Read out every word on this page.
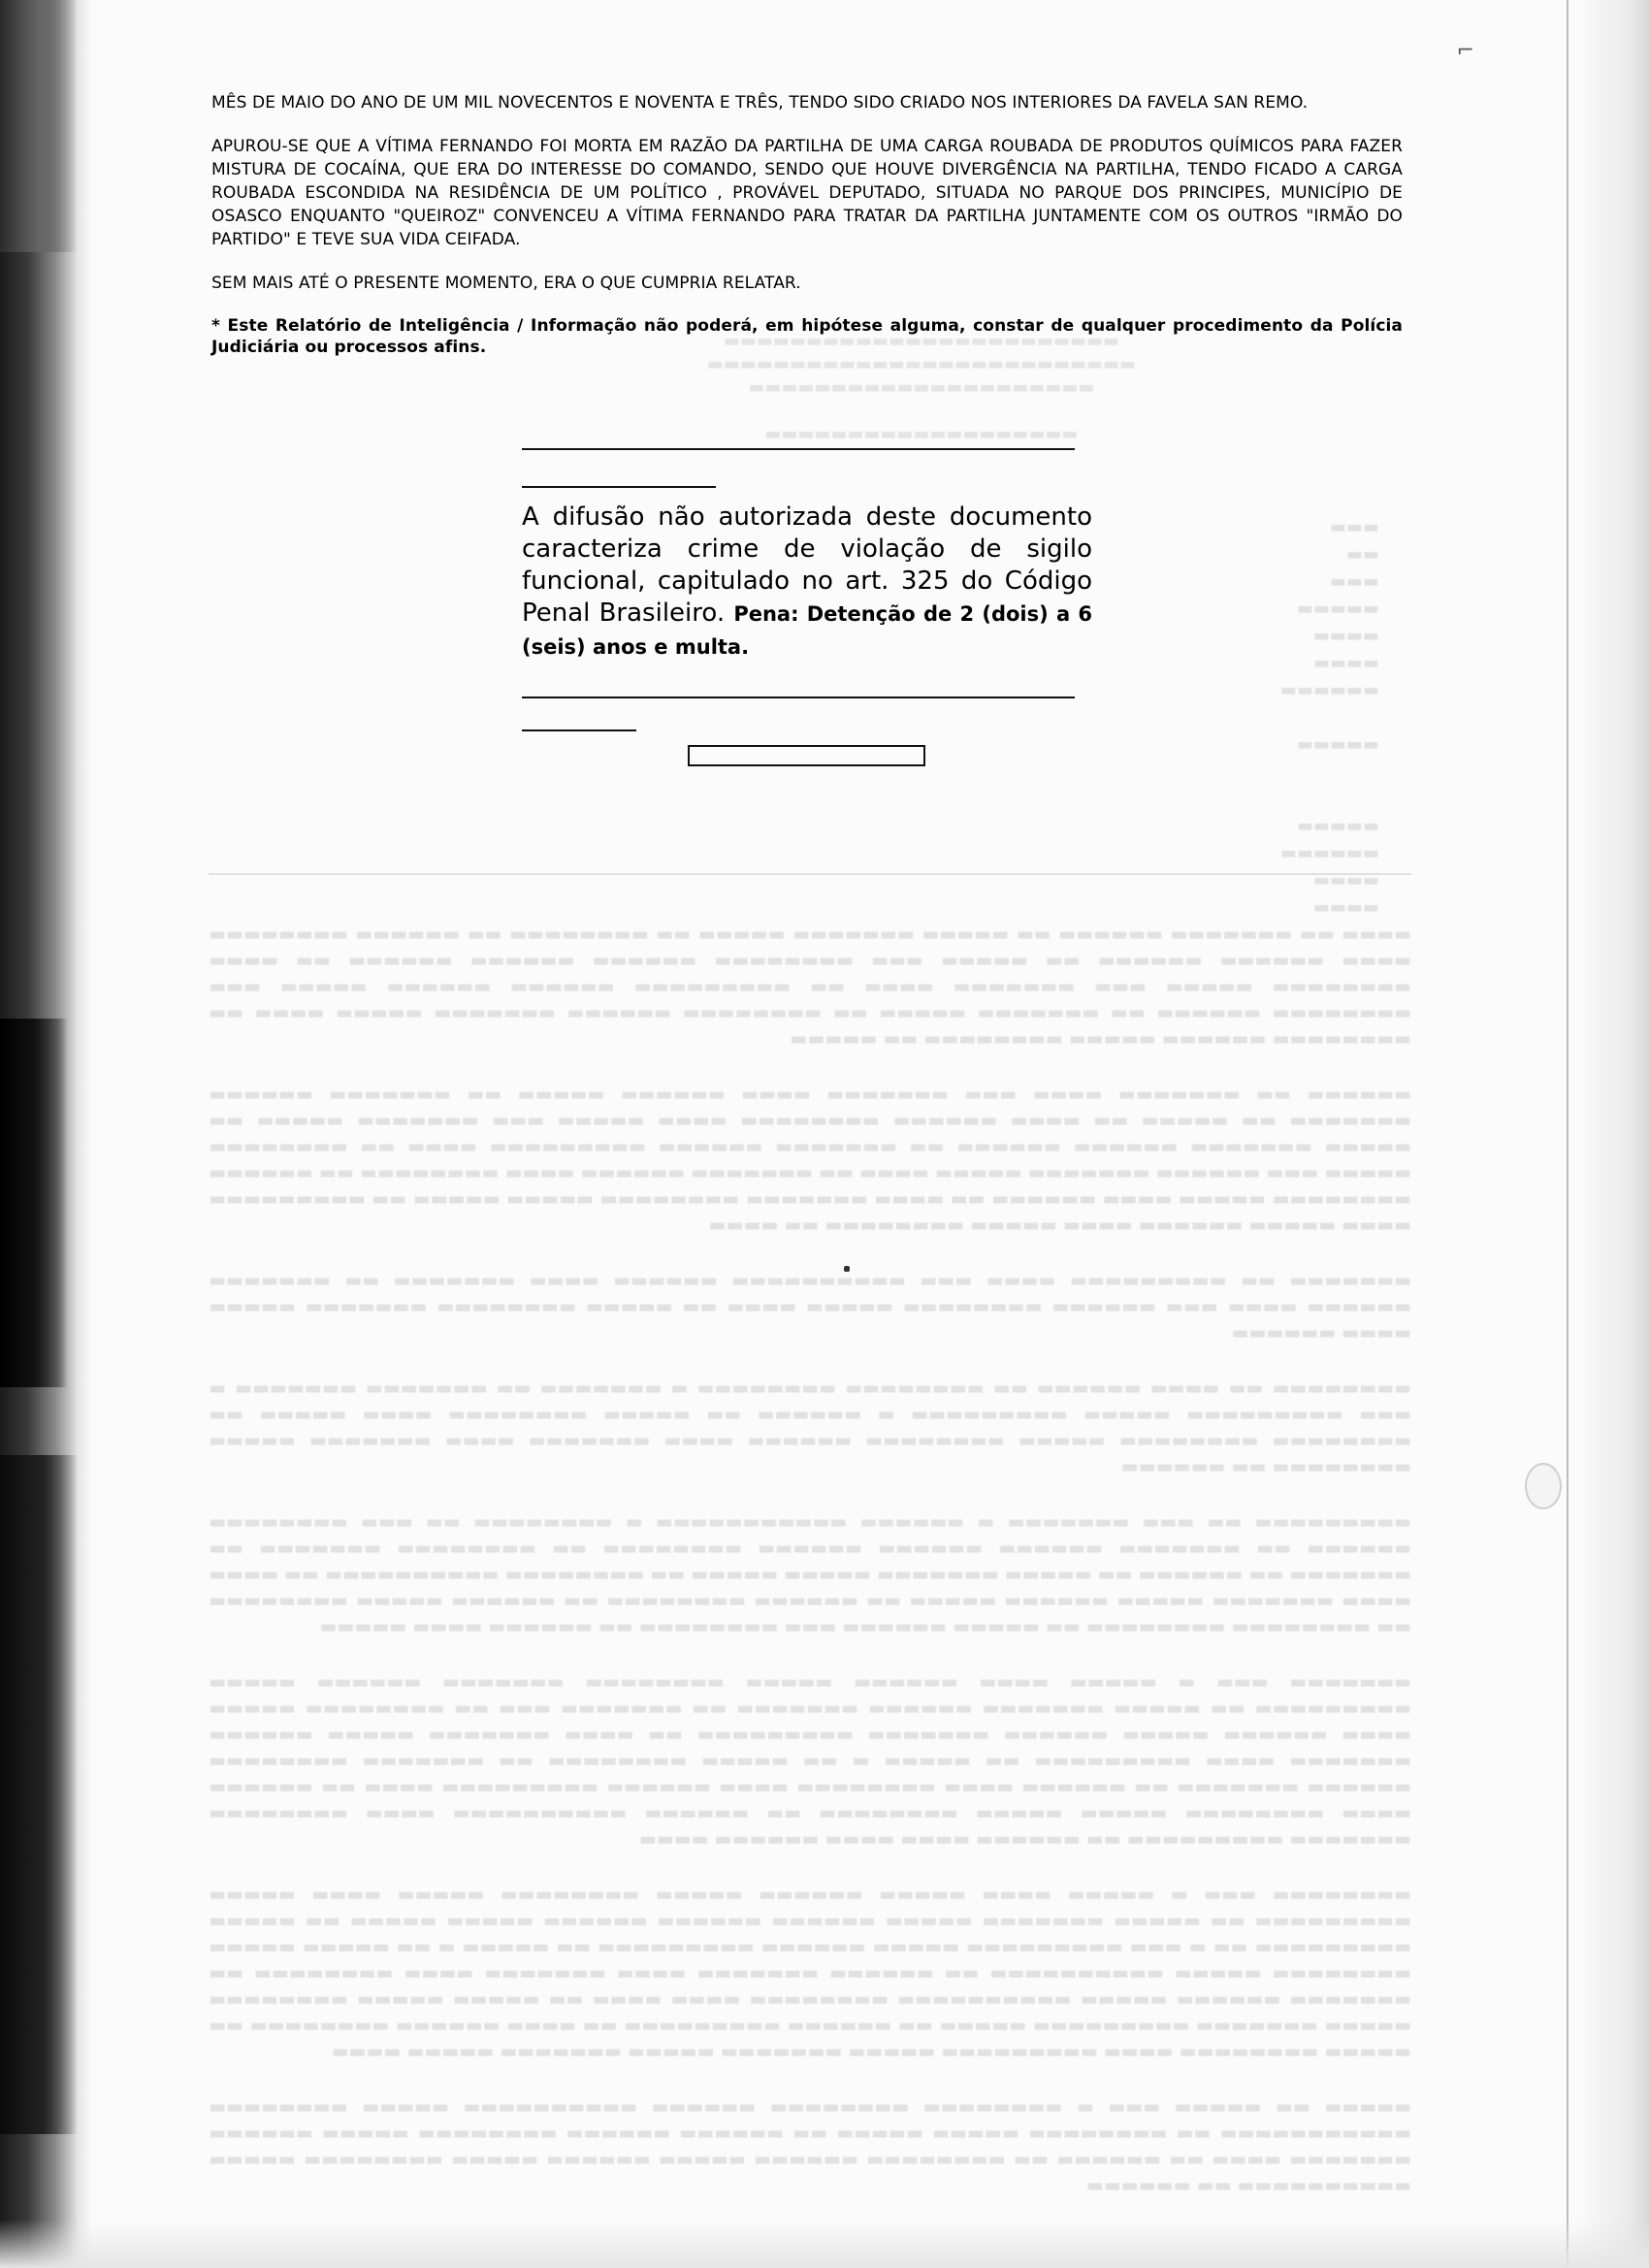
⌐
▬▬▬▬▬▬▬▬▬▬▬▬▬▬▬▬▬▬▬▬▬▬▬▬
▬▬▬▬▬▬▬▬▬▬▬▬▬▬▬▬▬▬▬▬▬▬▬▬▬▬
▬▬▬▬▬▬▬▬▬▬▬▬▬▬▬▬▬▬▬▬▬

▬▬▬▬▬▬▬▬▬▬▬▬▬▬▬▬▬▬▬
▬▬▬
▬▬
▬▬▬
▬▬▬▬▬
▬▬▬▬
▬▬▬▬
▬▬▬▬▬▬

▬▬▬▬▬

▬▬▬▬▬
▬▬▬▬▬▬
▬▬▬▬
▬▬▬▬
▬▬▬▬ ▬▬ ▬▬▬▬▬▬▬ ▬▬▬▬▬▬ ▬▬ ▬▬▬▬▬ ▬▬▬▬▬▬▬ ▬▬▬▬▬ ▬▬ ▬▬▬▬▬▬▬▬ ▬▬ ▬▬▬▬▬▬ ▬▬▬▬▬▬▬▬ ▬▬▬▬ ▬▬▬▬▬▬ ▬▬▬▬▬▬ ▬▬ ▬▬▬▬▬ ▬▬▬ ▬▬▬▬▬▬▬▬ ▬▬▬▬▬▬ ▬▬▬▬▬▬ ▬▬▬▬▬▬ ▬▬ ▬▬▬▬ ▬▬▬▬▬▬▬▬ ▬▬▬▬▬ ▬▬▬ ▬▬▬▬▬▬▬ ▬▬▬▬ ▬▬ ▬▬▬▬▬▬▬▬▬ ▬▬▬▬▬▬ ▬▬▬▬▬▬ ▬▬▬▬▬ ▬▬▬ ▬▬▬▬▬▬▬▬ ▬▬▬▬▬▬ ▬▬ ▬▬▬▬▬▬▬ ▬▬▬▬▬ ▬▬ ▬▬▬▬▬▬▬▬ ▬▬▬▬▬▬ ▬▬▬▬▬▬▬ ▬▬▬▬▬ ▬▬▬▬ ▬▬ ▬▬▬▬▬▬▬▬ ▬▬▬▬▬▬ ▬▬▬▬▬ ▬▬▬▬▬▬▬▬ ▬▬ ▬▬▬▬▬
▬▬▬▬▬▬ ▬▬ ▬▬▬▬▬▬▬ ▬▬▬▬ ▬▬▬ ▬▬▬▬▬▬▬ ▬▬▬▬ ▬▬▬▬▬▬ ▬▬▬▬▬ ▬▬ ▬▬▬▬▬▬▬ ▬▬▬▬▬▬ ▬▬▬▬▬▬▬ ▬▬ ▬▬▬▬▬ ▬▬ ▬▬▬▬ ▬▬▬▬▬▬ ▬▬▬▬▬▬▬▬ ▬▬▬▬ ▬▬▬▬▬ ▬▬▬ ▬▬▬▬▬▬▬ ▬▬▬▬▬ ▬▬ ▬▬▬▬▬ ▬▬▬▬▬▬▬ ▬▬▬▬▬▬ ▬▬▬▬▬▬ ▬▬ ▬▬▬▬▬▬▬ ▬▬▬▬▬▬ ▬▬▬▬▬▬▬▬▬ ▬▬▬▬ ▬▬ ▬▬▬▬▬▬▬▬ ▬▬▬▬▬ ▬▬▬ ▬▬▬▬▬▬ ▬▬▬▬▬▬▬ ▬▬▬▬▬ ▬▬▬▬ ▬▬ ▬▬▬▬▬▬▬ ▬▬▬▬▬▬ ▬▬▬▬ ▬▬▬▬▬▬▬▬ ▬▬ ▬▬▬▬▬▬ ▬▬▬▬▬▬▬▬ ▬▬▬▬▬ ▬▬▬▬ ▬▬▬▬▬▬ ▬▬ ▬▬▬▬ ▬▬▬▬▬▬▬ ▬▬▬▬▬▬▬▬ ▬▬▬▬▬ ▬▬▬▬▬ ▬▬ ▬▬▬▬▬▬▬▬▬ ▬▬▬▬ ▬▬▬▬▬ ▬▬▬▬▬▬ ▬▬▬▬ ▬▬▬▬▬ ▬▬▬▬▬▬▬▬ ▬▬ ▬▬▬▬
▬▬▬▬▬▬▬ ▬▬ ▬▬▬▬▬▬▬▬▬ ▬▬▬▬ ▬▬▬ ▬▬▬▬▬▬▬▬▬▬ ▬▬▬▬▬▬ ▬▬▬▬ ▬▬▬▬▬▬▬ ▬▬ ▬▬▬▬▬▬▬ ▬▬▬▬▬▬ ▬▬▬▬ ▬▬▬ ▬▬▬▬▬▬ ▬▬▬▬▬▬▬▬ ▬▬▬▬▬ ▬▬▬▬ ▬▬ ▬▬▬▬▬ ▬▬▬▬▬▬▬▬ ▬▬▬▬▬▬▬ ▬▬▬▬▬ ▬▬▬▬ ▬▬▬▬▬▬
▬▬▬▬▬▬▬▬ ▬▬ ▬▬▬▬ ▬▬▬▬▬▬ ▬▬ ▬▬▬▬▬▬▬▬ ▬▬▬▬▬▬▬▬ ▬ ▬▬▬▬▬▬▬ ▬▬ ▬▬▬▬▬▬▬ ▬▬▬▬▬▬▬ ▬ ▬▬▬ ▬▬▬▬▬▬▬▬▬ ▬▬▬▬▬ ▬▬▬▬▬▬▬▬▬ ▬ ▬▬▬▬▬▬ ▬▬ ▬▬▬▬▬ ▬▬▬▬▬▬▬▬ ▬▬▬▬ ▬▬▬▬▬ ▬▬ ▬▬▬▬▬▬▬▬ ▬▬▬▬▬▬▬▬ ▬▬▬▬▬ ▬▬▬▬▬▬▬▬ ▬▬▬▬▬▬ ▬▬▬▬ ▬▬▬▬▬▬▬ ▬▬▬▬ ▬▬▬▬▬▬▬ ▬▬▬▬▬ ▬▬▬▬▬▬▬▬ ▬▬ ▬▬▬▬▬▬
▬▬▬▬▬▬▬▬▬ ▬▬ ▬▬▬ ▬▬▬▬▬▬▬ ▬ ▬▬▬▬▬▬ ▬▬▬▬▬▬▬▬▬▬▬ ▬ ▬▬▬▬▬▬▬▬ ▬▬ ▬▬▬ ▬▬▬▬▬▬▬▬ ▬▬▬▬▬▬ ▬▬ ▬▬▬▬▬▬▬ ▬▬▬▬▬▬ ▬▬▬▬▬▬ ▬▬▬▬▬▬ ▬▬▬▬▬▬▬▬ ▬▬ ▬▬▬▬▬▬▬▬ ▬▬▬▬▬▬▬ ▬▬ ▬▬▬▬▬▬▬ ▬▬ ▬▬▬▬▬▬ ▬▬ ▬▬▬▬▬ ▬▬▬▬▬▬▬ ▬▬▬▬▬ ▬▬▬▬▬ ▬▬ ▬▬▬▬▬▬▬▬ ▬▬▬▬▬▬▬▬▬▬ ▬▬ ▬▬▬▬ ▬▬▬▬ ▬▬▬▬▬▬▬ ▬▬▬▬▬ ▬▬▬▬▬▬ ▬▬▬▬▬ ▬▬ ▬▬▬▬▬▬ ▬▬▬▬▬▬▬▬ ▬▬ ▬▬▬▬▬▬ ▬▬▬▬▬ ▬▬▬▬▬▬▬▬ ▬▬ ▬▬▬▬▬▬▬▬ ▬▬▬▬▬▬▬▬ ▬▬ ▬▬▬▬▬ ▬▬▬▬▬▬ ▬▬▬ ▬▬▬▬▬▬▬▬ ▬▬ ▬▬▬▬▬▬ ▬▬▬▬ ▬▬▬▬▬
▬▬▬▬▬▬▬ ▬▬▬ ▬ ▬▬▬▬▬ ▬▬▬▬ ▬▬▬▬▬▬ ▬▬▬▬▬ ▬▬▬▬▬▬▬▬ ▬▬▬▬▬▬▬ ▬▬▬▬▬▬ ▬▬▬▬▬ ▬▬▬▬▬▬▬▬▬ ▬▬ ▬▬▬▬▬ ▬▬▬▬▬▬▬ ▬▬▬▬▬▬ ▬▬▬▬▬▬▬ ▬▬ ▬▬▬▬▬▬▬ ▬▬▬ ▬▬ ▬▬▬▬▬▬▬▬ ▬▬▬▬▬ ▬▬▬▬ ▬▬▬▬▬▬ ▬▬▬▬▬ ▬▬▬▬▬▬ ▬▬▬▬▬▬▬ ▬▬▬▬▬▬▬▬▬ ▬▬ ▬▬▬▬ ▬▬▬▬▬▬▬ ▬▬▬▬▬ ▬▬▬▬▬▬ ▬▬▬▬▬▬▬ ▬▬▬▬ ▬▬▬▬▬▬▬▬▬ ▬▬ ▬▬▬▬▬ ▬ ▬▬ ▬▬▬▬▬ ▬▬▬▬▬▬▬▬ ▬▬ ▬▬▬▬▬▬▬ ▬▬▬▬▬▬▬▬ ▬▬▬▬▬▬ ▬▬▬▬▬▬▬ ▬▬ ▬▬▬▬▬▬ ▬▬▬▬ ▬▬▬▬▬▬▬▬ ▬▬▬▬ ▬▬▬▬▬▬ ▬▬▬▬▬▬▬▬▬ ▬▬▬▬ ▬▬ ▬▬▬▬▬▬ ▬▬▬▬ ▬▬▬▬▬▬▬▬ ▬▬▬▬▬ ▬▬▬▬▬ ▬▬▬▬▬▬▬▬ ▬▬ ▬▬▬▬▬▬ ▬▬▬▬▬▬▬▬▬▬ ▬▬▬▬ ▬▬▬▬▬▬▬▬ ▬▬▬▬▬▬▬ ▬▬▬▬▬▬▬▬▬ ▬▬ ▬▬▬▬▬▬ ▬▬▬▬ ▬▬▬▬ ▬▬▬▬▬▬ ▬▬▬▬
▬▬▬▬▬▬▬▬ ▬▬▬ ▬ ▬▬▬▬▬ ▬▬▬▬ ▬▬▬▬▬ ▬▬▬▬▬▬ ▬▬▬▬▬ ▬▬▬▬▬▬▬▬ ▬▬▬▬▬ ▬▬▬▬ ▬▬▬▬▬ ▬▬▬▬▬▬▬▬▬ ▬▬ ▬▬▬▬▬ ▬▬▬▬▬▬▬ ▬▬▬▬▬ ▬▬▬▬▬▬ ▬▬▬▬▬▬ ▬▬▬▬▬▬ ▬▬▬▬▬ ▬▬▬▬▬ ▬▬ ▬▬▬▬▬ ▬▬▬▬▬▬▬▬▬ ▬▬ ▬ ▬▬▬ ▬▬▬▬▬▬▬▬▬ ▬▬▬▬▬ ▬▬▬▬▬▬ ▬▬▬▬▬▬▬▬▬ ▬▬ ▬▬▬▬▬ ▬ ▬▬ ▬▬▬▬▬ ▬▬▬▬▬ ▬▬▬▬▬▬▬▬ ▬▬▬▬▬ ▬▬▬▬▬▬▬▬▬▬ ▬▬ ▬▬▬▬▬▬ ▬▬▬▬▬▬▬ ▬▬▬▬ ▬▬▬▬▬▬▬ ▬▬▬▬ ▬▬▬▬▬▬▬▬ ▬▬ ▬▬▬▬▬▬▬ ▬▬▬▬▬▬ ▬▬▬▬▬ ▬▬▬▬▬▬▬▬▬▬ ▬▬▬▬▬▬▬▬ ▬▬▬▬ ▬▬▬▬ ▬▬ ▬▬▬▬▬ ▬▬▬▬▬ ▬▬▬▬▬▬▬▬ ▬▬▬▬▬ ▬▬▬▬▬▬▬ ▬▬▬▬▬▬▬▬▬ ▬▬▬▬▬ ▬▬ ▬▬▬▬▬▬ ▬▬▬▬▬▬▬▬▬ ▬▬ ▬▬▬▬ ▬▬▬▬▬▬ ▬▬▬▬▬▬▬▬ ▬▬ ▬▬▬▬▬ ▬▬▬▬▬▬▬▬ ▬▬▬▬ ▬▬▬▬▬▬▬▬▬ ▬▬▬▬▬ ▬▬▬▬▬▬▬ ▬▬▬▬▬ ▬▬▬▬▬▬▬ ▬▬▬▬▬ ▬▬▬▬
▬▬▬▬▬ ▬▬ ▬▬▬▬▬ ▬▬▬ ▬ ▬▬▬▬▬▬▬▬ ▬▬▬▬▬▬▬▬ ▬▬▬▬▬▬ ▬▬▬▬▬▬▬▬▬▬ ▬▬▬▬▬ ▬▬▬▬▬▬▬▬ ▬▬▬▬▬▬▬▬▬▬▬ ▬▬ ▬▬▬▬▬▬▬▬ ▬▬▬▬▬ ▬▬▬▬▬ ▬▬ ▬▬▬▬▬▬ ▬▬▬▬▬▬ ▬▬▬▬▬▬▬▬ ▬▬▬▬▬ ▬▬▬▬▬▬ ▬▬▬▬▬▬▬ ▬▬▬▬ ▬▬ ▬▬▬▬▬▬ ▬▬ ▬▬▬▬▬▬▬▬ ▬▬▬▬▬▬ ▬▬▬▬▬ ▬▬▬▬▬▬ ▬▬▬▬▬ ▬▬▬▬▬▬▬▬ ▬▬▬▬▬ ▬▬▬▬▬▬▬▬▬▬ ▬▬ ▬▬▬▬▬▬

MÊS DE MAIO DO ANO DE UM MIL NOVECENTOS E NOVENTA E TRÊS, TENDO SIDO CRIADO NOS INTERIORES DA FAVELA SAN REMO.

APUROU-SE QUE A VÍTIMA FERNANDO FOI MORTA EM RAZÃO DA PARTILHA DE UMA CARGA ROUBADA DE PRODUTOS QUÍMICOS PARA FAZER MISTURA DE COCAÍNA, QUE ERA DO INTERESSE DO COMANDO, SENDO QUE HOUVE DIVERGÊNCIA NA PARTILHA, TENDO FICADO A CARGA ROUBADA ESCONDIDA NA RESIDÊNCIA DE UM POLÍTICO , PROVÁVEL DEPUTADO, SITUADA NO PARQUE DOS PRINCIPES, MUNICÍPIO DE OSASCO ENQUANTO "QUEIROZ" CONVENCEU A VÍTIMA FERNANDO PARA TRATAR DA PARTILHA JUNTAMENTE COM OS OUTROS "IRMÃO DO PARTIDO" E TEVE SUA VIDA CEIFADA.

SEM MAIS ATÉ O PRESENTE MOMENTO, ERA O QUE CUMPRIA RELATAR.

* Este Relatório de Inteligência / Informação não poderá, em hipótese alguma, constar de qualquer procedimento da Polícia Judiciária ou processos afins.

A difusão não autorizada deste documento caracteriza crime de violação de sigilo funcional, capitulado no art. 325 do Código Penal Brasileiro. Pena: Detenção de 2 (dois) a 6 (seis) anos e multa.
